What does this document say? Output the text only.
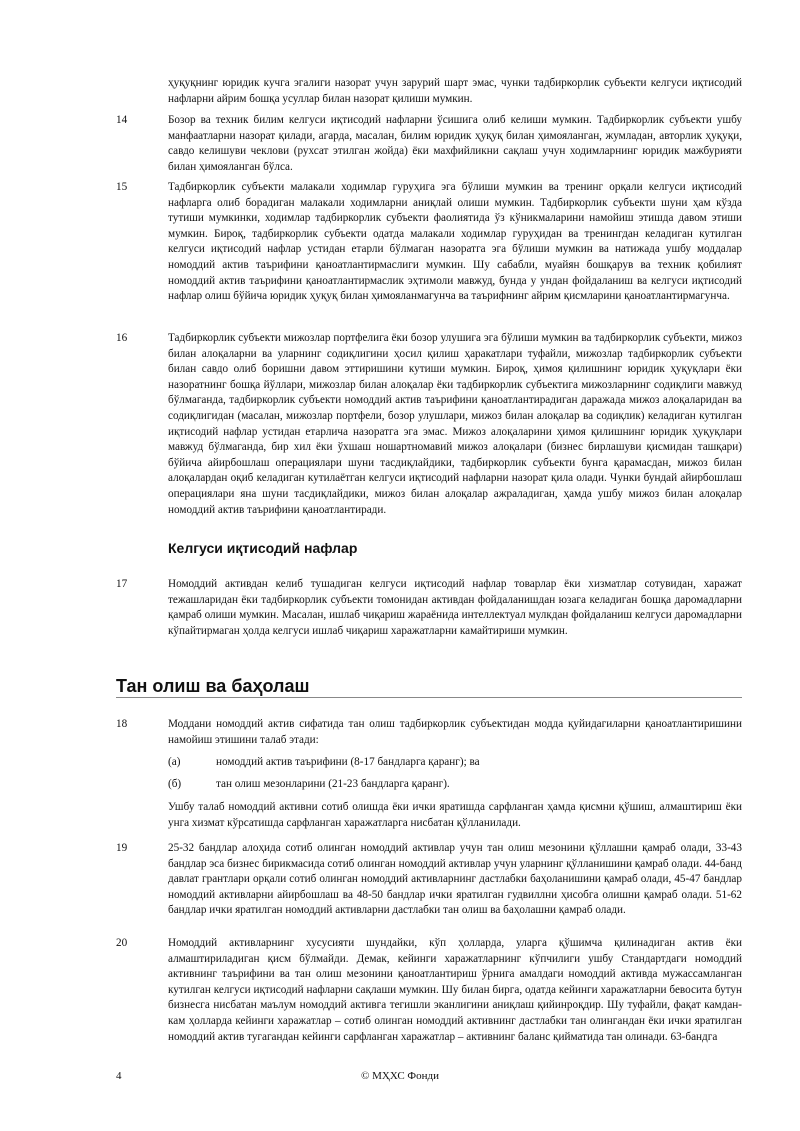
ҳуқуқнинг юридик кучга эгалиги назорат учун зарурий шарт эмас, чунки тадбиркорлик субъекти келгуси иқтисодий нафларни айрим бошқа усуллар билан назорат қилиши мумкин.
14	Бозор ва техник билим келгуси иқтисодий нафларни ўсишига олиб келиши мумкин. Тадбиркорлик субъекти ушбу манфаатларни назорат қилади, агарда, масалан, билим юридик ҳуқуқ билан ҳимояланган, жумладан, авторлик ҳуқуқи, савдо келишуви чеклови (рухсат этилган жойда) ёки махфийликни сақлаш учун ходимларнинг юридик мажбурияти билан ҳимояланган бўлса.
15	Тадбиркорлик субъекти малакали ходимлар гуруҳига эга бўлиши мумкин ва тренинг орқали келгуси иқтисодий нафларга олиб борадиган малакали ходимларни аниқлай олиши мумкин. Тадбиркорлик субъекти шуни ҳам кўзда тутиши мумкинки, ходимлар тадбиркорлик субъекти фаолиятида ўз кўникмаларини намойиш этишда давом этиши мумкин. Бироқ, тадбиркорлик субъекти одатда малакали ходимлар гуруҳидан ва тренингдан келадиган кутилган келгуси иқтисодий нафлар устидан етарли бўлмаган назоратга эга бўлиши мумкин ва натижада ушбу моддалар номоддий актив таърифини қаноатлантирмаслиги мумкин. Шу сабабли, муайян бошқарув ва техник қобилият номоддий актив таърифини қаноатлантирмаслик эҳтимоли мавжуд, бунда у ундан фойдаланиш ва келгуси иқтисодий нафлар олиш бўйича юридик ҳуқуқ билан ҳимояланмагунча ва таърифнинг айрим қисмларини қаноатлантирмагунча.
16	Тадбиркорлик субъекти мижозлар портфелига ёки бозор улушига эга бўлиши мумкин ва тадбиркорлик субъекти, мижоз билан алоқаларни ва уларнинг содиқлигини ҳосил қилиш ҳаракатлари туфайли, мижозлар тадбиркорлик субъекти билан савдо олиб боришни давом эттиришини кутиши мумкин. Бироқ, ҳимоя қилишнинг юридик ҳуқуқлари ёки назоратнинг бошқа йўллари, мижозлар билан алоқалар ёки тадбиркорлик субъектига мижозларнинг содиқлиги мавжуд бўлмаганда, тадбиркорлик субъекти номоддий актив таърифини қаноатлантирадиган даражада мижоз алоқаларидан ва содиқлигидан (масалан, мижозлар портфели, бозор улушлари, мижоз билан алоқалар ва содиқлик) келадиган кутилган иқтисодий нафлар устидан етарлича назоратга эга эмас. Мижоз алоқаларини ҳимоя қилишнинг юридик ҳуқуқлари мавжуд бўлмаганда, бир хил ёки ўхшаш ношартномавий мижоз алоқалари (бизнес бирлашуви қисмидан ташқари) бўйича айирбошлаш операциялари шуни тасдиқлайдики, тадбиркорлик субъекти бунга қарамасдан, мижоз билан алоқалардан оқиб келадиган кутилаётган келгуси иқтисодий нафларни назорат қила олади. Чунки бундай айирбошлаш операциялари яна шуни тасдиқлайдики, мижоз билан алоқалар ажраладиган, ҳамда ушбу мижоз билан алоқалар номоддий актив таърифини қаноатлантиради.
Келгуси иқтисодий нафлар
17	Номоддий активдан келиб тушадиган келгуси иқтисодий нафлар товарлар ёки хизматлар сотувидан, харажат тежашларидан ёки тадбиркорлик субъекти томонидан активдан фойдаланишдан юзага келадиган бошқа даромадларни қамраб олиши мумкин. Масалан, ишлаб чиқариш жараёнида интеллектуал мулкдан фойдаланиш келгуси даромадларни кўпайтирмаган ҳолда келгуси ишлаб чиқариш харажатларни камайтириши мумкин.
Тан олиш ва баҳолаш
18	Моддани номоддий актив сифатида тан олиш тадбиркорлик субъектидан модда қуйидагиларни қаноатлантиришини намойиш этишини талаб этади:
(а)	номоддий актив таърифини (8-17 бандларга қаранг); ва
(б)	тан олиш мезонларини (21-23 бандларга қаранг).
Ушбу талаб номоддий активни сотиб олишда ёки ички яратишда сарфланган ҳамда қисмни қўшиш, алмаштириш ёки унга хизмат кўрсатишда сарфланган харажатларга нисбатан қўлланилади.
19	25-32 бандлар алоҳида сотиб олинган номоддий активлар учун тан олиш мезонини қўллашни қамраб олади, 33-43 бандлар эса бизнес бирикмасида сотиб олинган номоддий активлар учун уларнинг қўлланишини қамраб олади. 44-банд давлат грантлари орқали сотиб олинган номоддий активларнинг дастлабки баҳоланишини қамраб олади, 45-47 бандлар номоддий активларни айирбошлаш ва 48-50 бандлар ички яратилган гудвиллни ҳисобга олишни қамраб олади. 51-62 бандлар ички яратилган номоддий активларни дастлабки тан олиш ва баҳолашни қамраб олади.
20	Номоддий активларнинг хусусияти шундайки, кўп ҳолларда, уларга қўшимча қилинадиган актив ёки алмаштириладиган қисм бўлмайди. Демак, кейинги харажатларнинг кўпчилиги ушбу Стандартдаги номоддий активнинг таърифини ва тан олиш мезонини қаноатлантириш ўрнига амалдаги номоддий активда мужассамланган кутилган келгуси иқтисодий нафларни сақлаши мумкин. Шу билан бирга, одатда кейинги харажатларни бевосита бутун бизнесга нисбатан маълум номоддий активга тегишли эканлигини аниқлаш қийинроқдир. Шу туфайли, фақат камдан-кам ҳолларда кейинги харажатлар – сотиб олинган номоддий активнинг дастлабки тан олингандан ёки ички яратилган номоддий актив тугагандан кейинги сарфланган харажатлар – активнинг баланс қийматида тан олинади. 63-бандга
4	© МҲХС Фонди
